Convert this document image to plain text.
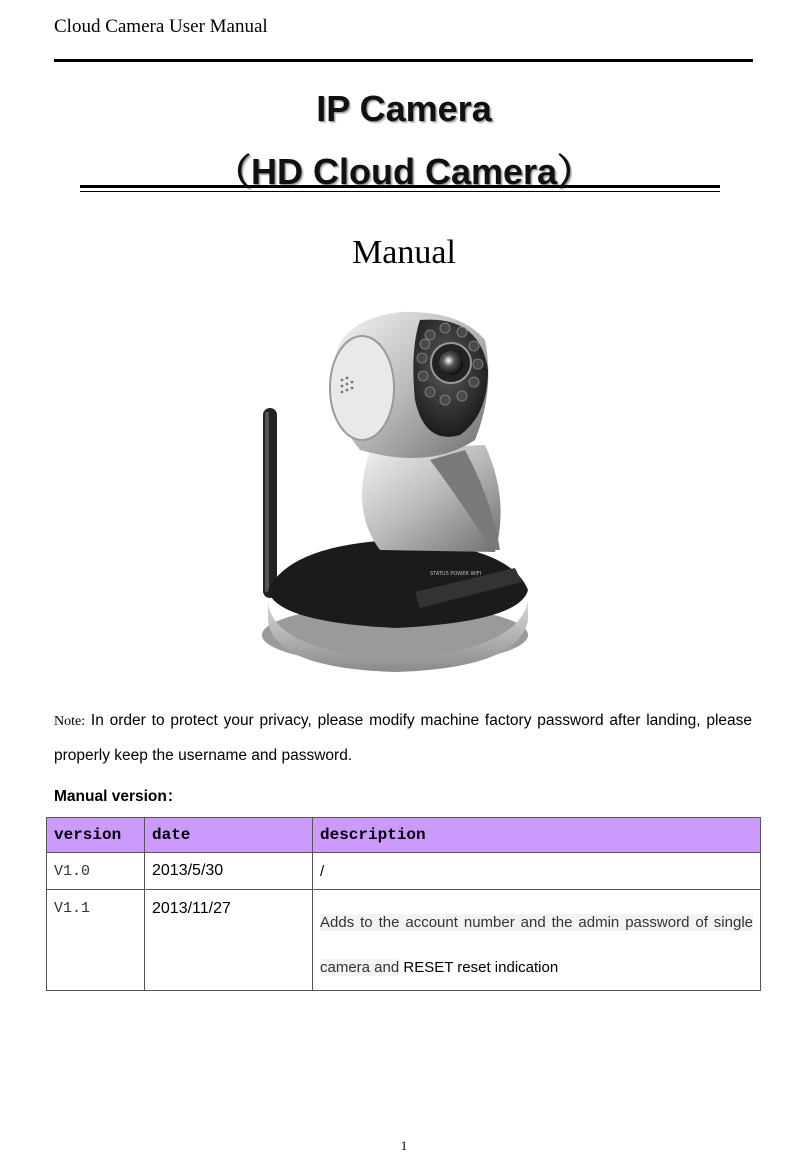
Cloud Camera User Manual
IP Camera
（HD Cloud Camera）
Manual
STATUS POWER WIFI
Note: In order to protect your privacy, please modify machine factory password after landing, please properly keep the username and password.
Manual version：
version	date	description
V1.0	2013/5/30	/
V1.1	2013/11/27	Adds to the account number and the admin password of single camera and RESET reset indication
1
